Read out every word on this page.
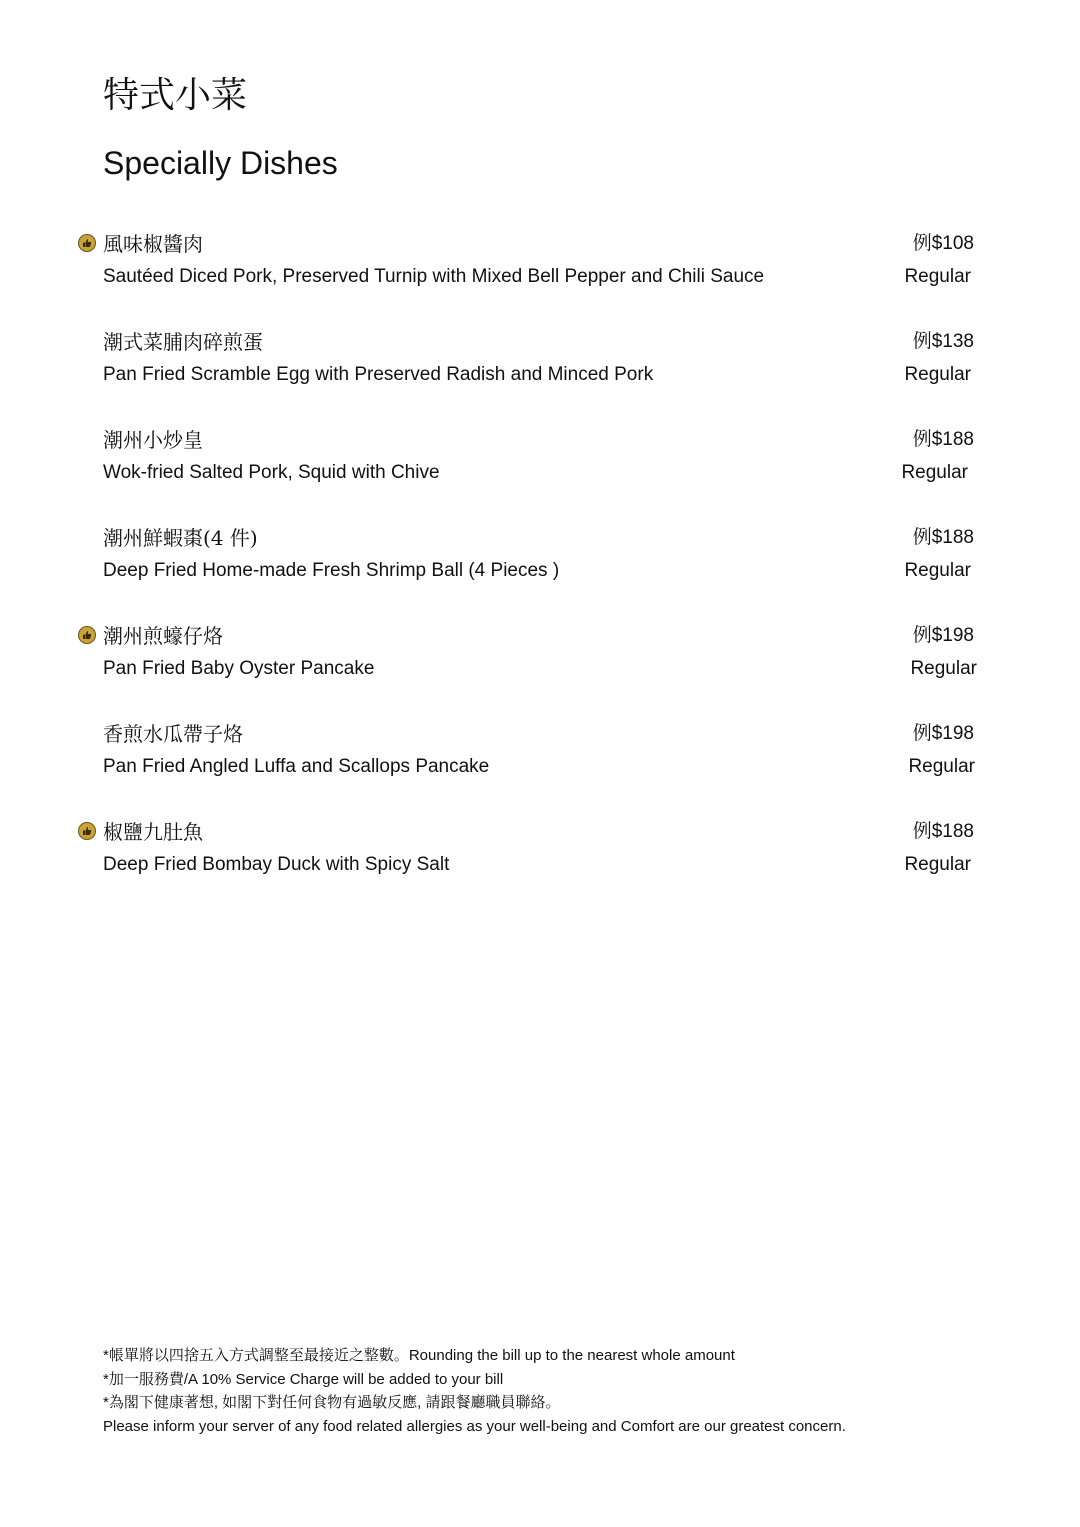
特式小菜
Specially Dishes
風味椒醬肉	例$108
Sautéed Diced Pork, Preserved Turnip with Mixed Bell Pepper and Chili Sauce	Regular
潮式菜脯肉碎煎蛋	例$138
Pan Fried Scramble Egg with Preserved Radish and Minced Pork	Regular
潮州小炒皇	例$188
Wok-fried Salted Pork, Squid with Chive	Regular
潮州鮮蝦棗(4 件)	例$188
Deep Fried Home-made Fresh Shrimp Ball (4 Pieces )	Regular
潮州煎蠔仔烙	例$198
Pan Fried Baby Oyster Pancake	Regular
香煎水瓜帶子烙	例$198
Pan Fried Angled Luffa and Scallops Pancake	Regular
椒鹽九肚魚	例$188
Deep Fried Bombay Duck with Spicy Salt	Regular
*帳單將以四捨五入方式調整至最接近之整數。Rounding the bill up to the nearest whole amount
*加一服務費/A 10% Service Charge will be added to your bill
*為閣下健康著想, 如閣下對任何食物有過敏反應, 請跟餐廳職員聯絡。
Please inform your server of any food related allergies as your well-being and Comfort are our greatest concern.
